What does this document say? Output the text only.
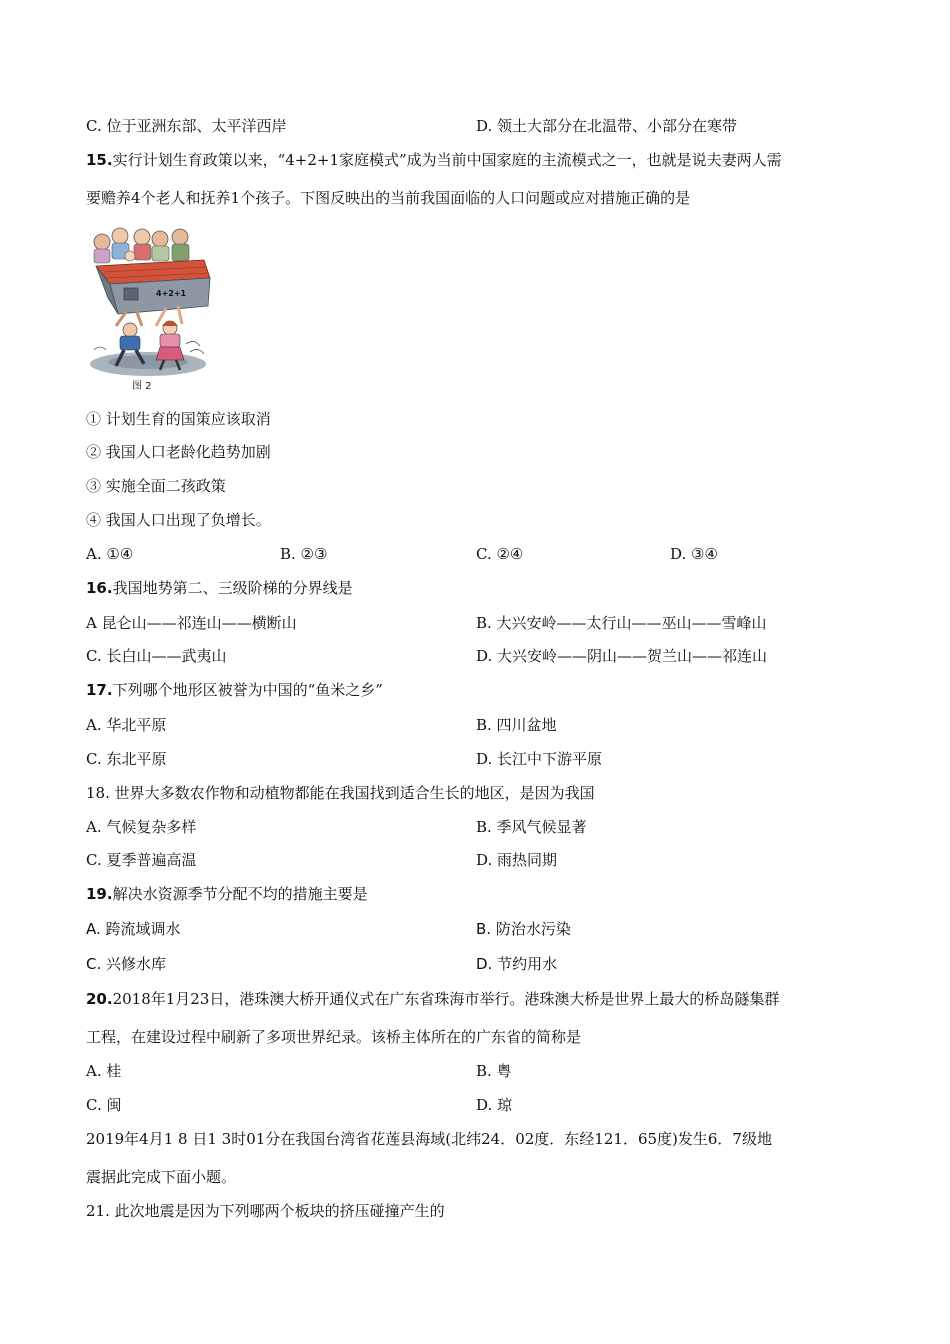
C. 位于亚洲东部、太平洋西岸	D. 领土大部分在北温带、小部分在寒带
15.实行计划生育政策以来，“4+2+1家庭模式”成为当前中国家庭的主流模式之一，也就是说夫妻两人需
要赡养4个老人和抚养1个孩子。下图反映出的当前我国面临的人口问题或应对措施正确的是
4+2+1
图 2
① 计划生育的国策应该取消
② 我国人口老龄化趋势加剧
③ 实施全面二孩政策
④ 我国人口出现了负增长。
A. ①④	B. ②③	C. ②④	D. ③④
16.我国地势第二、三级阶梯的分界线是
A 昆仑山——祁连山——横断山	B. 大兴安岭——太行山——巫山——雪峰山
C. 长白山——武夷山	D. 大兴安岭——阴山——贺兰山——祁连山
17.下列哪个地形区被誉为中国的“鱼米之乡”
A. 华北平原	B. 四川盆地
C. 东北平原	D. 长江中下游平原
18. 世界大多数农作物和动植物都能在我国找到适合生长的地区，是因为我国
A. 气候复杂多样	B. 季风气候显著
C. 夏季普遍高温	D. 雨热同期
19.解决水资源季节分配不均的措施主要是
A. 跨流域调水	B. 防治水污染
C. 兴修水库	D. 节约用水
20.2018年1月23日，港珠澳大桥开通仪式在广东省珠海市举行。港珠澳大桥是世界上最大的桥岛隧集群
工程，在建设过程中刷新了多项世界纪录。该桥主体所在的广东省的简称是
A. 桂	B. 粤
C. 闽	D. 琼
2019年4月1 8 日1 3时01分在我国台湾省花莲县海域(北纬24．02度．东经121．65度)发生6．7级地
震据此完成下面小题。
21. 此次地震是因为下列哪两个板块的挤压碰撞产生的
